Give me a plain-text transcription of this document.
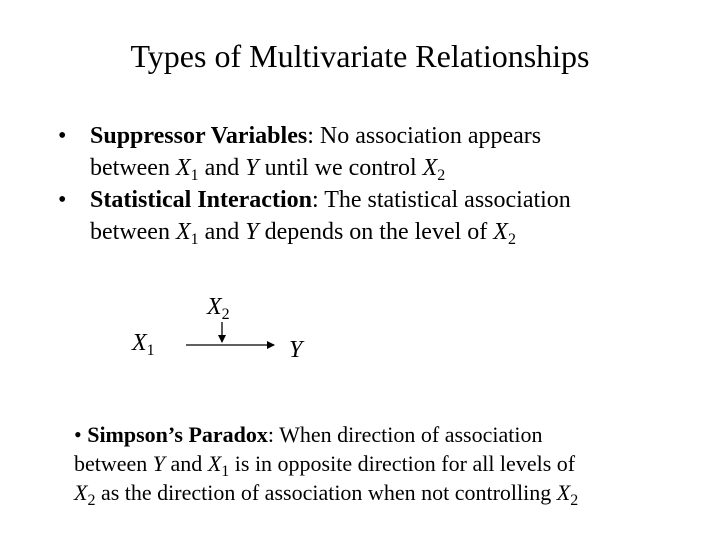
Types of Multivariate Relationships
• Suppressor Variables: No association appears
between $X_1$ and Y until we control $X_2$
• Statistical Interaction: The statistical association
between $X_1$ and Y depends on the level of $X_2$
$X_2$
$X_1$	Y
• Simpson’s Paradox: When direction of association
between Y and $X_1$ is in opposite direction for all levels of
$X_2$ as the direction of association when not controlling $X_2$
